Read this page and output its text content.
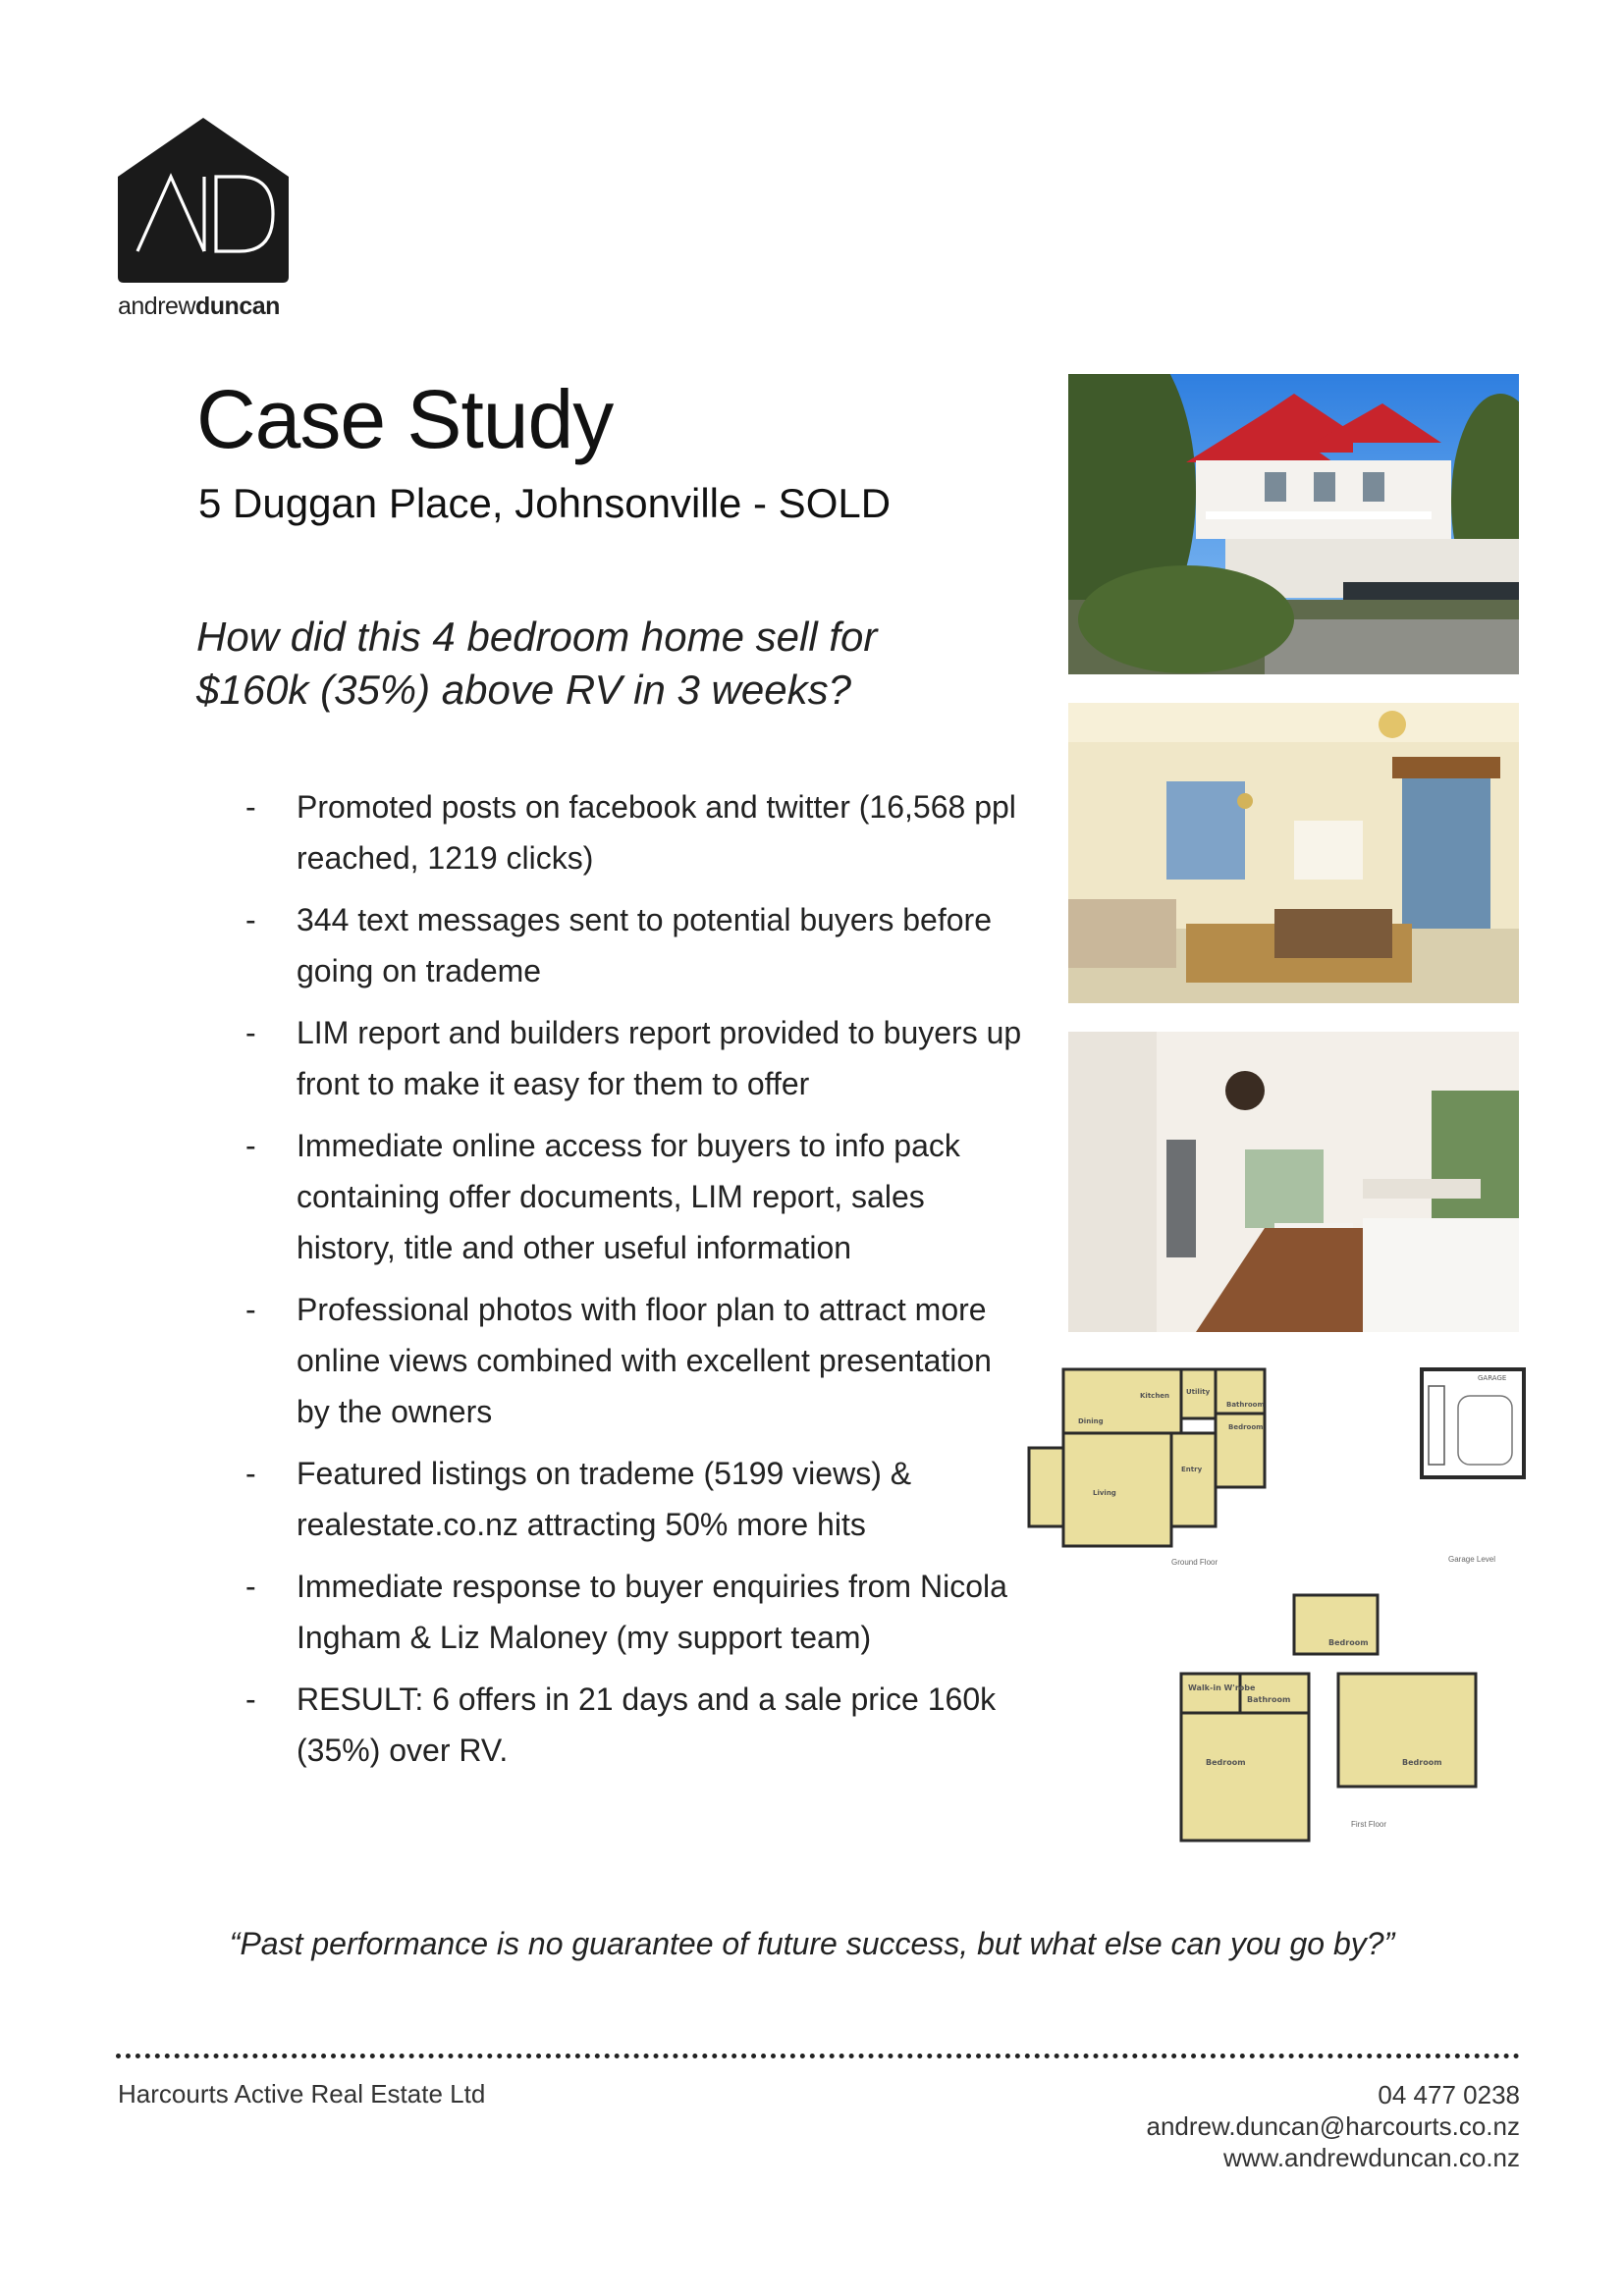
andrewduncan
Case Study
5 Duggan Place, Johnsonville - SOLD
How did this 4 bedroom home sell for $160k (35%) above RV in 3 weeks?
- Promoted posts on facebook and twitter (16,568 ppl reached, 1219 clicks)
- 344 text messages sent to potential buyers before going on trademe
- LIM report and builders report provided to buyers up front to make it easy for them to offer
- Immediate online access for buyers to info pack containing offer documents, LIM report, sales history, title and other useful information
- Professional photos with floor plan to attract more online views combined with excellent presentation by the owners
- Featured listings on trademe (5199 views) & realestate.co.nz attracting 50% more hits
- Immediate response to buyer enquiries from Nicola Ingham & Liz Maloney (my support team)
- RESULT: 6 offers in 21 days and a sale price 160k (35%) over RV.
Kitchen Utility
Dining
Bathroom
Bedroom
Entry
Living
Ground Floor
GARAGE
Garage Level
Bedroom
Walk-in W'robe
Bathroom
Bedroom
Bedroom
First Floor
“Past performance is no guarantee of future success, but what else can you go by?”
Harcourts Active Real Estate Ltd	04 477 0238
andrew.duncan@harcourts.co.nz
www.andrewduncan.co.nz
